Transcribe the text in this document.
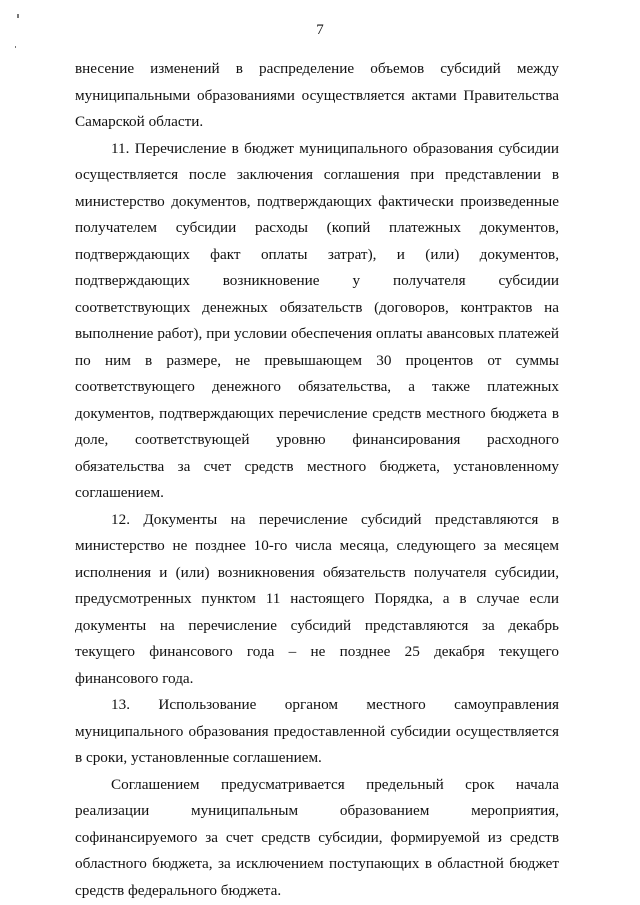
7

внесение изменений в распределение объемов субсидий между муниципальными образованиями осуществляется актами Правительства Самарской области.

11. Перечисление в бюджет муниципального образования субсидии осуществляется после заключения соглашения при представлении в министерство документов, подтверждающих фактически произведенные получателем субсидии расходы (копий платежных документов, подтверждающих факт оплаты затрат), и (или) документов, подтверждающих возникновение у получателя субсидии соответствующих денежных обязательств (договоров, контрактов на выполнение работ), при условии обеспечения оплаты авансовых платежей по ним в размере, не превышающем 30 процентов от суммы соответствующего денежного обязательства, а также платежных документов, подтверждающих перечисление средств местного бюджета в доле, соответствующей уровню финансирования расходного обязательства за счет средств местного бюджета, установленному соглашением.

12. Документы на перечисление субсидий представляются в министерство не позднее 10-го числа месяца, следующего за месяцем исполнения и (или) возникновения обязательств получателя субсидии, предусмотренных пунктом 11 настоящего Порядка, а в случае если документы на перечисление субсидий представляются за декабрь текущего финансового года – не позднее 25 декабря текущего финансового года.

13. Использование органом местного самоуправления муниципального образования предоставленной субсидии осуществляется в сроки, установленные соглашением.

Соглашением предусматривается предельный срок начала реализации муниципальным образованием мероприятия, софинансируемого за счет средств субсидии, формируемой из средств областного бюджета, за исключением поступающих в областной бюджет средств федерального бюджета.
